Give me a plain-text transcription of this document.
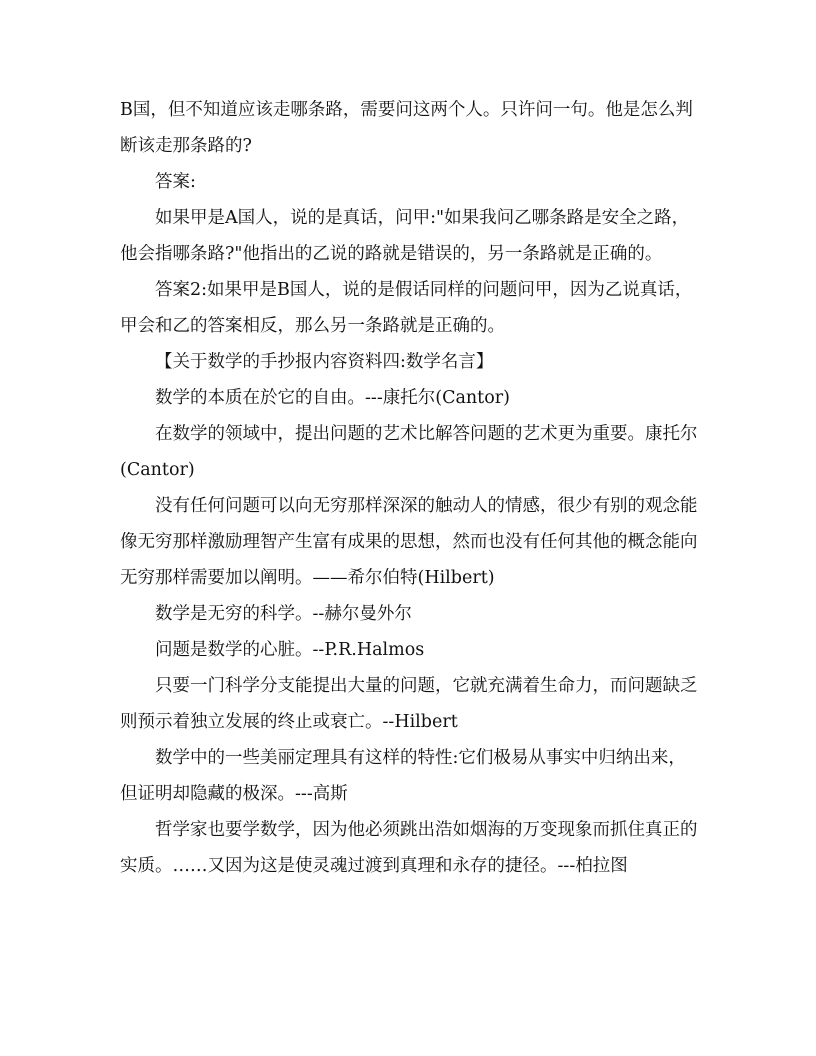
B国，但不知道应该走哪条路，需要问这两个人。只许问一句。他是怎么判断该走那条路的?

答案:

如果甲是A国人，说的是真话，问甲:"如果我问乙哪条路是安全之路，他会指哪条路?"他指出的乙说的路就是错误的，另一条路就是正确的。

答案2:如果甲是B国人，说的是假话同样的问题问甲，因为乙说真话，甲会和乙的答案相反，那么另一条路就是正确的。

【关于数学的手抄报内容资料四:数学名言】

数学的本质在於它的自由。---康托尔(Cantor)

在数学的领域中，提出问题的艺术比解答问题的艺术更为重要。康托尔(Cantor)

没有任何问题可以向无穷那样深深的触动人的情感，很少有别的观念能像无穷那样激励理智产生富有成果的思想，然而也没有任何其他的概念能向无穷那样需要加以阐明。——希尔伯特(Hilbert)

数学是无穷的科学。--赫尔曼外尔

问题是数学的心脏。--P.R.Halmos

只要一门科学分支能提出大量的问题，它就充满着生命力，而问题缺乏则预示着独立发展的终止或衰亡。--Hilbert

数学中的一些美丽定理具有这样的特性:它们极易从事实中归纳出来，但证明却隐藏的极深。---高斯

哲学家也要学数学，因为他必须跳出浩如烟海的万变现象而抓住真正的实质。……又因为这是使灵魂过渡到真理和永存的捷径。---柏拉图
